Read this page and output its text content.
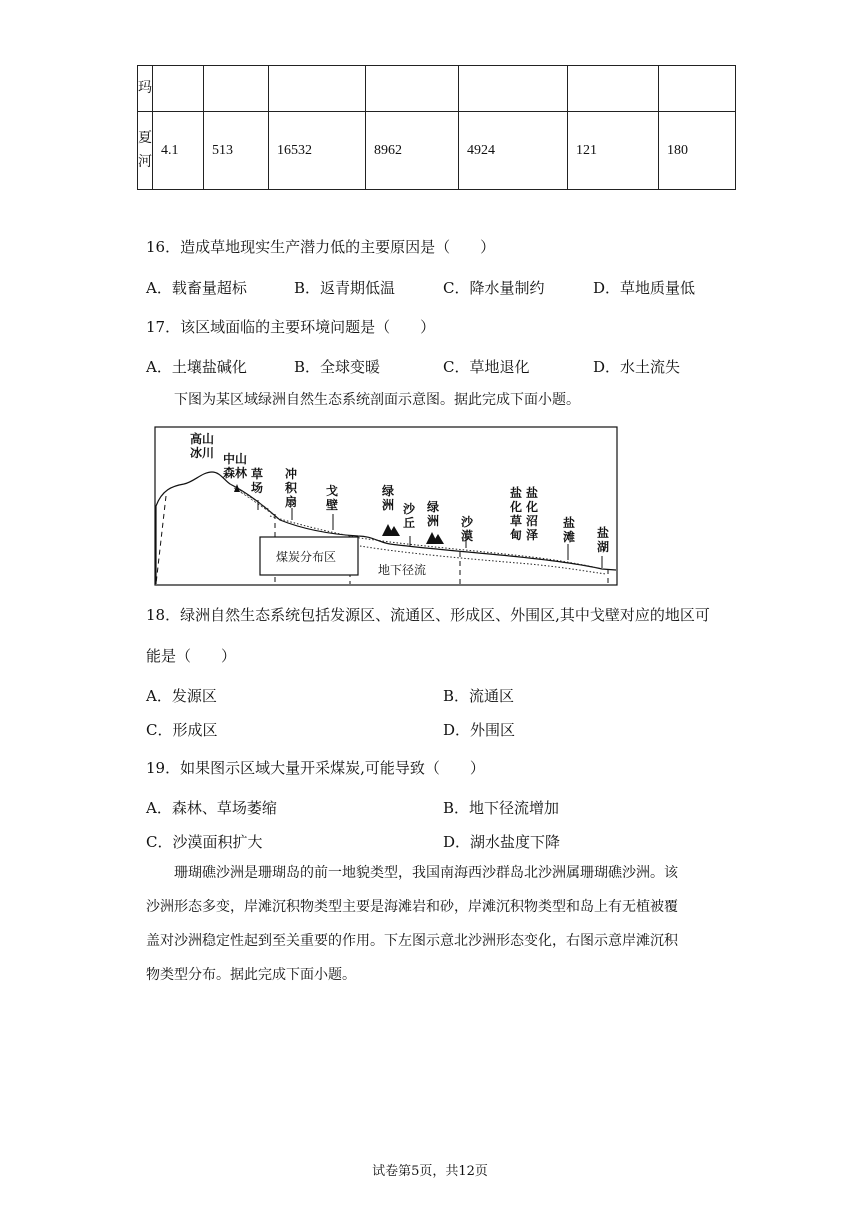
玛							
夏河	4.1	513	16532	8962	4924	121	180
16．造成草地现实生产潜力低的主要原因是（　　）
A．载畜量超标	B．返青期低温	C．降水量制约	D．草地质量低
17．该区域面临的主要环境问题是（　　）
A．土壤盐碱化	B．全球变暖	C．草地退化	D．水土流失
下图为某区域绿洲自然生态系统剖面示意图。据此完成下面小题。
煤炭分布区
地下径流
高山冰川 中山森林 草场
冲积扇
戈壁
绿洲 沙丘
绿洲 沙漠
盐化草甸
盐化沼泽
盐滩 盐湖
18．绿洲自然生态系统包括发源区、流通区、形成区、外围区,其中戈壁对应的地区可
能是（　　）
A．发源区	B．流通区
C．形成区	D．外围区
19．如果图示区域大量开采煤炭,可能导致（　　）
A．森林、草场萎缩	B．地下径流增加
C．沙漠面积扩大	D．湖水盐度下降
珊瑚礁沙洲是珊瑚岛的前一地貌类型，我国南海西沙群岛北沙洲属珊瑚礁沙洲。该
沙洲形态多变，岸滩沉积物类型主要是海滩岩和砂，岸滩沉积物类型和岛上有无植被覆
盖对沙洲稳定性起到至关重要的作用。下左图示意北沙洲形态变化，右图示意岸滩沉积
物类型分布。据此完成下面小题。
试卷第5页，共12页
